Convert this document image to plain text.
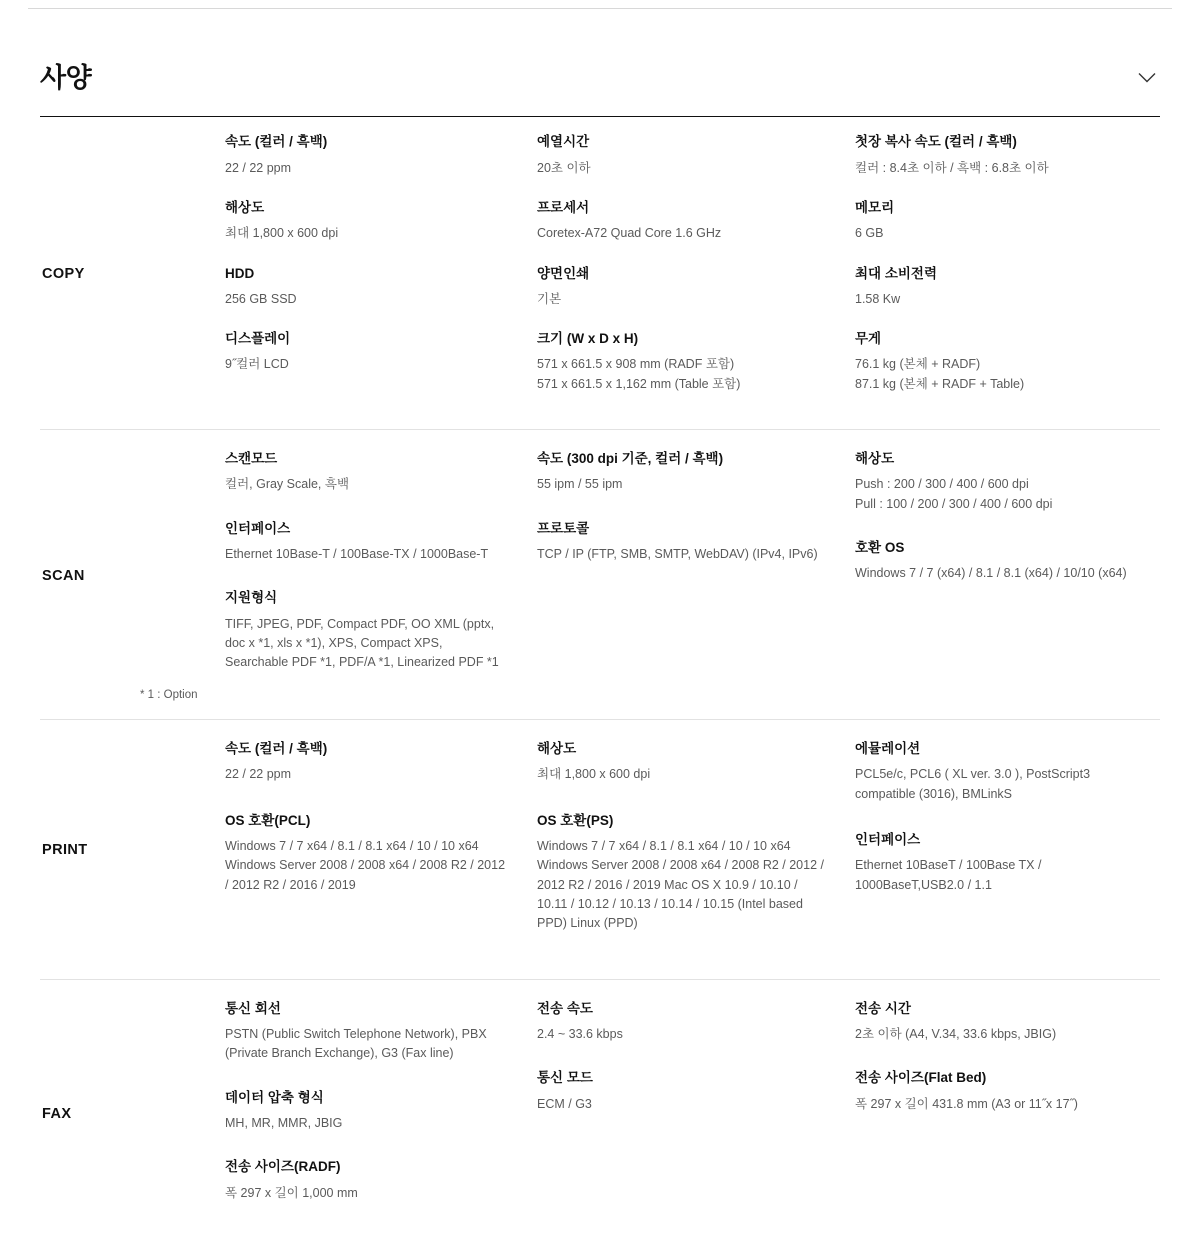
사양
COPY
속도 (컬러 / 흑백)
22 / 22 ppm
해상도
최대 1,800 x 600 dpi
HDD
256 GB SSD
디스플레이
9˝컬러 LCD
예열시간
20초 이하
프로세서
Coretex-A72 Quad Core 1.6 GHz
양면인쇄
기본
크기 (W x D x H)
571 x 661.5 x 908 mm (RADF 포함)
571 x 661.5 x 1,162 mm (Table 포함)
첫장 복사 속도 (컬러 / 흑백)
컬러 : 8.4초 이하 / 흑백 : 6.8초 이하
메모리
6 GB
최대 소비전력
1.58 Kw
무게
76.1 kg (본체 + RADF)
87.1 kg (본체 + RADF + Table)
SCAN
스캔모드
컬러, Gray Scale, 흑백
인터페이스
Ethernet 10Base-T / 100Base-TX / 1000Base-T
지원형식
TIFF, JPEG, PDF, Compact PDF, OO XML (pptx, doc x *1, xls x *1), XPS, Compact XPS, Searchable PDF *1, PDF/A *1, Linearized PDF *1
속도 (300 dpi 기준, 컬러 / 흑백)
55 ipm / 55 ipm
프로토콜
TCP / IP (FTP, SMB, SMTP, WebDAV) (IPv4, IPv6)
해상도
Push : 200 / 300 / 400 / 600 dpi
Pull : 100 / 200 / 300 / 400 / 600 dpi
호환 OS
Windows 7 / 7 (x64) / 8.1 / 8.1 (x64) / 10/10 (x64)
* 1 : Option
PRINT
속도 (컬러 / 흑백)
22 / 22 ppm
OS 호환(PCL)
Windows 7 / 7 x64 / 8.1 / 8.1 x64 / 10 / 10 x64 Windows Server 2008 / 2008 x64 / 2008 R2 / 2012 / 2012 R2 / 2016 / 2019
해상도
최대 1,800 x 600 dpi
OS 호환(PS)
Windows 7 / 7 x64 / 8.1 / 8.1 x64 / 10 / 10 x64 Windows Server 2008 / 2008 x64 / 2008 R2 / 2012 / 2012 R2 / 2016 / 2019 Mac OS X 10.9 / 10.10 / 10.11 / 10.12 / 10.13 / 10.14 / 10.15 (Intel based PPD) Linux (PPD)
에뮬레이션
PCL5e/c, PCL6 ( XL ver. 3.0 ), PostScript3 compatible (3016), BMLinkS
인터페이스
Ethernet 10BaseT / 100Base TX / 1000BaseT,USB2.0 / 1.1
FAX
통신 회선
PSTN (Public Switch Telephone Network), PBX (Private Branch Exchange), G3 (Fax line)
데이터 압축 형식
MH, MR, MMR, JBIG
전송 사이즈(RADF)
폭 297 x 길이 1,000 mm
전송 속도
2.4 ~ 33.6 kbps
통신 모드
ECM / G3
전송 시간
2초 이하 (A4, V.34, 33.6 kbps, JBIG)
전송 사이즈(Flat Bed)
폭 297 x 길이 431.8 mm (A3 or 11˝x 17˝)
